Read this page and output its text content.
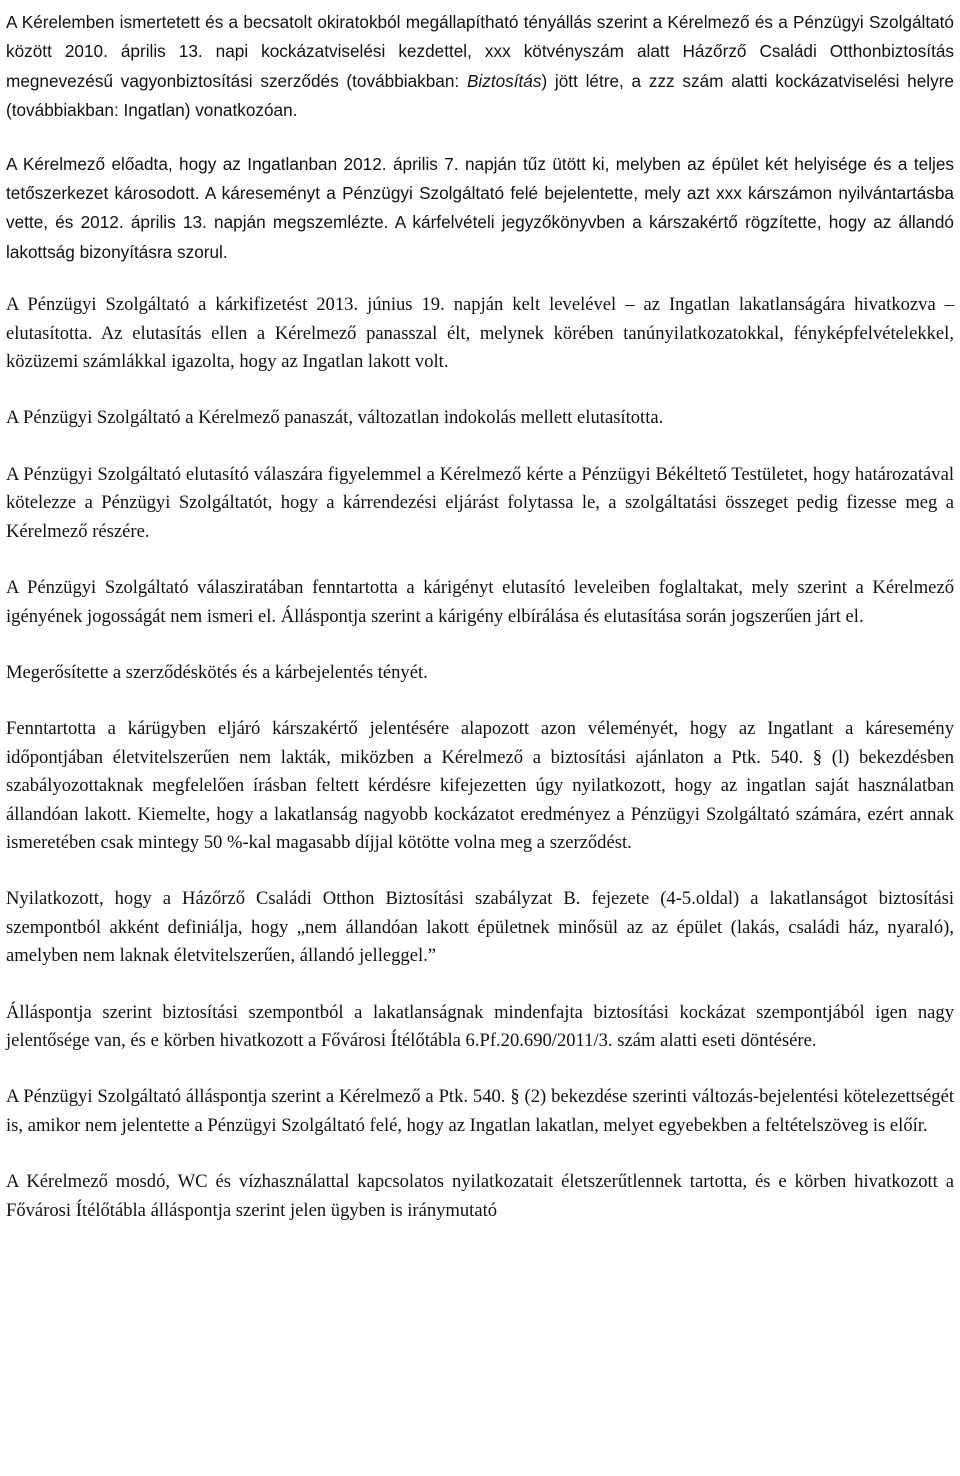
A Kérelemben ismertetett és a becsatolt okiratokból megállapítható tényállás szerint a Kérelmező és a Pénzügyi Szolgáltató között 2010. április 13. napi kockázatviselési kezdettel, xxx kötvényszám alatt Házőrző Családi Otthonbiztosítás megnevezésű vagyonbiztosítási szerződés (továbbiakban: Biztosítás) jött létre, a zzz szám alatti kockázatviselési helyre (továbbiakban: Ingatlan) vonatkozóan.

A Kérelmező előadta, hogy az Ingatlanban 2012. április 7. napján tűz ütött ki, melyben az épület két helyisége és a teljes tetőszerkezet károsodott. A káreseményt a Pénzügyi Szolgáltató felé bejelentette, mely azt xxx kárszámon nyilvántartásba vette, és 2012. április 13. napján megszemlézte. A kárfelvételi jegyzőkönyvben a kárszakértő rögzítette, hogy az állandó lakottság bizonyításra szorul.

A Pénzügyi Szolgáltató a kárkifizetést 2013. június 19. napján kelt levelével ‒ az Ingatlan lakatlanságára hivatkozva ‒ elutasította. Az elutasítás ellen a Kérelmező panasszal élt, melynek körében tanúnyilatkozatokkal, fényképfelvételekkel, közüzemi számlákkal igazolta, hogy az Ingatlan lakott volt.

A Pénzügyi Szolgáltató a Kérelmező panaszát, változatlan indokolás mellett elutasította.

A Pénzügyi Szolgáltató elutasító válaszára figyelemmel a Kérelmező kérte a Pénzügyi Békéltető Testületet, hogy határozatával kötelezze a Pénzügyi Szolgáltatót, hogy a kárrendezési eljárást folytassa le, a szolgáltatási összeget pedig fizesse meg a Kérelmező részére.

A Pénzügyi Szolgáltató válasziratában fenntartotta a kárigényt elutasító leveleiben foglaltakat, mely szerint a Kérelmező igényének jogosságát nem ismeri el. Álláspontja szerint a kárigény elbírálása és elutasítása során jogszerűen járt el.

Megerősítette a szerződéskötés és a kárbejelentés tényét.

Fenntartotta a kárügyben eljáró kárszakértő jelentésére alapozott azon véleményét, hogy az Ingatlant a káresemény időpontjában életvitelszerűen nem lakták, miközben a Kérelmező a biztosítási ajánlaton a Ptk. 540. § (l) bekezdésben szabályozottaknak megfelelően írásban feltett kérdésre kifejezetten úgy nyilatkozott, hogy az ingatlan saját használatban állandóan lakott. Kiemelte, hogy a lakatlanság nagyobb kockázatot eredményez a Pénzügyi Szolgáltató számára, ezért annak ismeretében csak mintegy 50 %-kal magasabb díjjal kötötte volna meg a szerződést.

Nyilatkozott, hogy a Házőrző Családi Otthon Biztosítási szabályzat B. fejezete (4-5.oldal) a lakatlanságot biztosítási szempontból akként definiálja, hogy „nem állandóan lakott épületnek minősül az az épület (lakás, családi ház, nyaraló), amelyben nem laknak életvitelszerűen, állandó jelleggel.”

Álláspontja szerint biztosítási szempontból a lakatlanságnak mindenfajta biztosítási kockázat szempontjából igen nagy jelentősége van, és e körben hivatkozott a Fővárosi Ítélőtábla 6.Pf.20.690/2011/3. szám alatti eseti döntésére.

A Pénzügyi Szolgáltató álláspontja szerint a Kérelmező a Ptk. 540. § (2) bekezdése szerinti változás-bejelentési kötelezettségét is, amikor nem jelentette a Pénzügyi Szolgáltató felé, hogy az Ingatlan lakatlan, melyet egyebekben a feltételszöveg is előír.

A Kérelmező mosdó, WC és vízhasználattal kapcsolatos nyilatkozatait életszerűtlennek tartotta, és e körben hivatkozott a Fővárosi Ítélőtábla álláspontja szerint jelen ügyben is iránymutató
